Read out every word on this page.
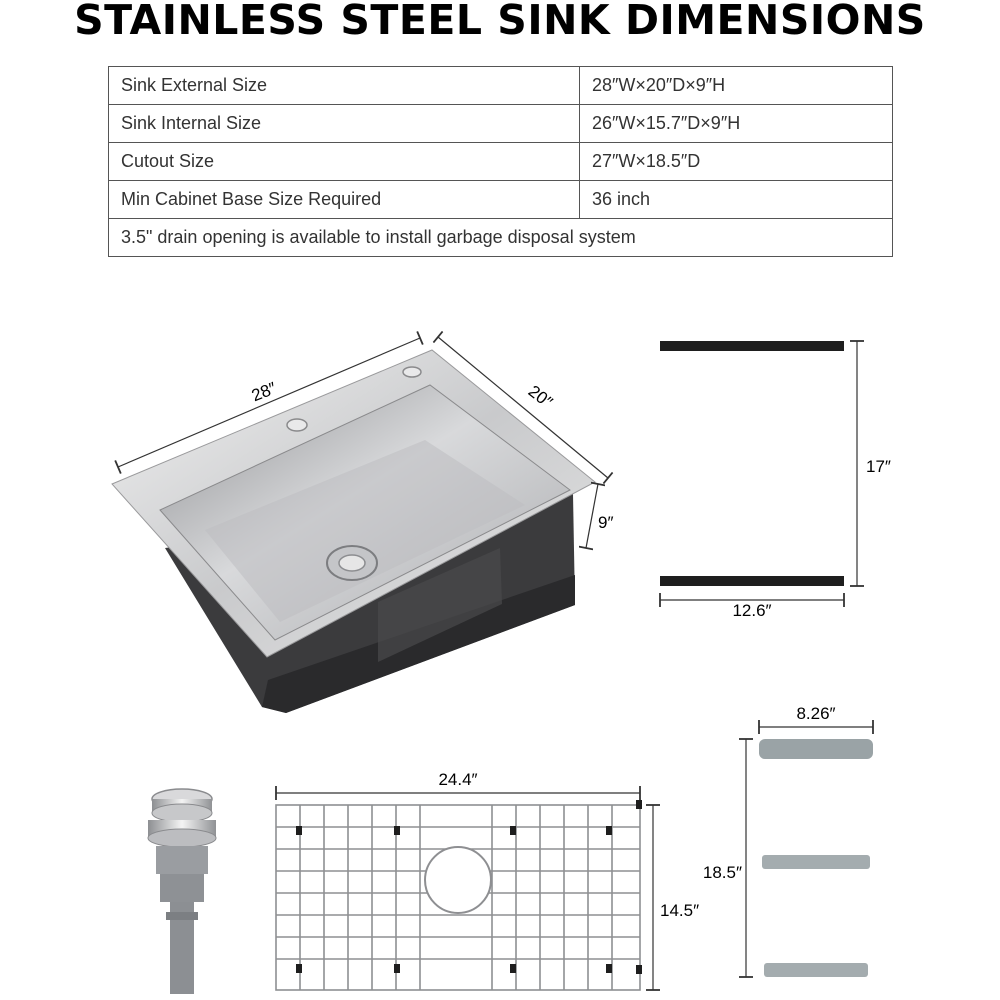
STAINLESS STEEL SINK DIMENSIONS
Sink External Size	28″W×20″D×9″H
Sink Internal Size	26″W×15.7″D×9″H
Cutout Size	27″W×18.5″D
Min Cabinet Base Size Required	36 inch
3.5" drain opening is available to install garbage disposal system	
28″	20″
9″
12.6″
17″
24.4″
14.5″
8.26″
18.5″
